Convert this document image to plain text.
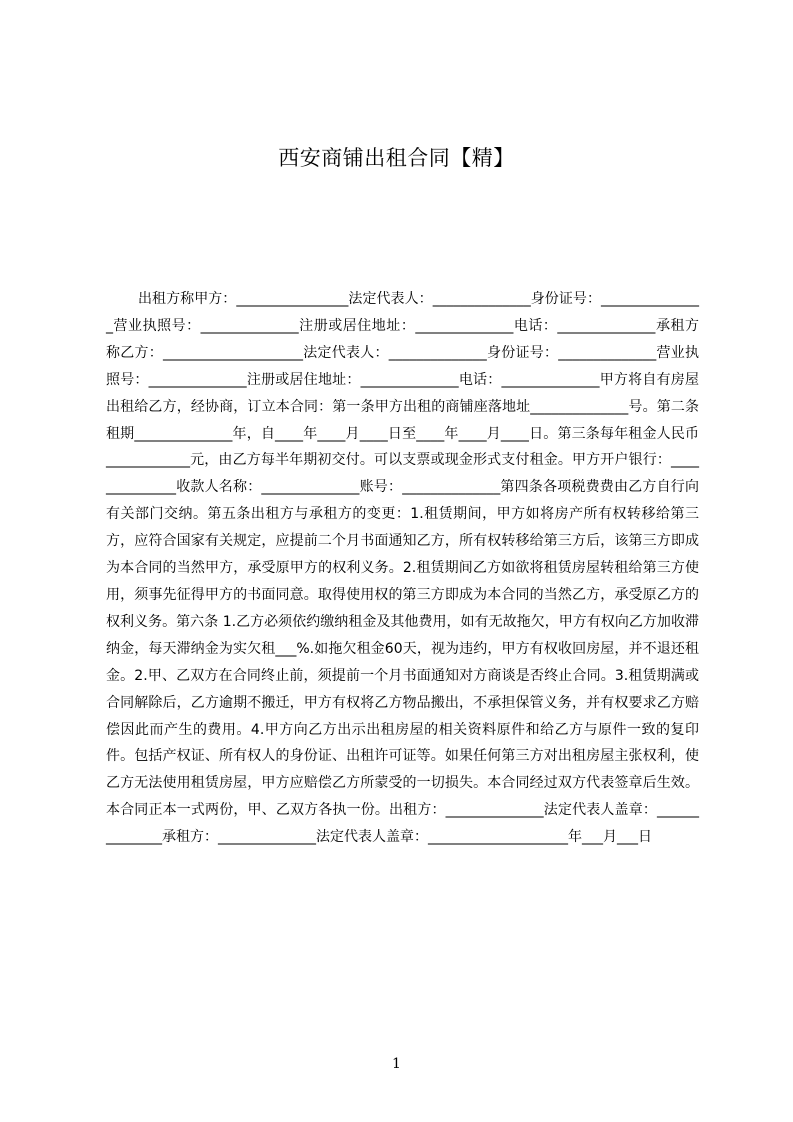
西安商铺出租合同【精】

出租方称甲方：________________法定代表人：______________身份证号：_______________营业执照号：______________注册或居住地址：______________电话：______________承租方称乙方：____________________法定代表人：______________身份证号：______________营业执照号：______________注册或居住地址：______________电话：______________甲方将自有房屋出租给乙方，经协商，订立本合同：第一条甲方出租的商铺座落地址______________号。第二条租期______________年，自____年____月____日至____年____月____日。第三条每年租金人民币____________元，由乙方每半年期初交付。可以支票或现金形式支付租金。甲方开户银行：______________收款人名称：______________账号：______________第四条各项税费费由乙方自行向有关部门交纳。第五条出租方与承租方的变更：1.租赁期间，甲方如将房产所有权转移给第三方，应符合国家有关规定，应提前二个月书面通知乙方，所有权转移给第三方后，该第三方即成为本合同的当然甲方，承受原甲方的权利义务。2.租赁期间乙方如欲将租赁房屋转租给第三方使用，须事先征得甲方的书面同意。取得使用权的第三方即成为本合同的当然乙方，承受原乙方的权利义务。第六条 1.乙方必须依约缴纳租金及其他费用，如有无故拖欠，甲方有权向乙方加收滞纳金，每天滞纳金为实欠租___%.如拖欠租金60天，视为违约，甲方有权收回房屋，并不退还租金。2.甲、乙双方在合同终止前，须提前一个月书面通知对方商谈是否终止合同。3.租赁期满或合同解除后，乙方逾期不搬迁，甲方有权将乙方物品搬出，不承担保管义务，并有权要求乙方赔偿因此而产生的费用。4.甲方向乙方出示出租房屋的相关资料原件和给乙方与原件一致的复印件。包括产权证、所有权人的身份证、出租许可证等。如果任何第三方对出租房屋主张权利，使乙方无法使用租赁房屋，甲方应赔偿乙方所蒙受的一切损失。本合同经过双方代表签章后生效。本合同正本一式两份，甲、乙双方各执一份。出租方：______________法定代表人盖章：______________承租方：______________法定代表人盖章：____________________年___月___日

1
